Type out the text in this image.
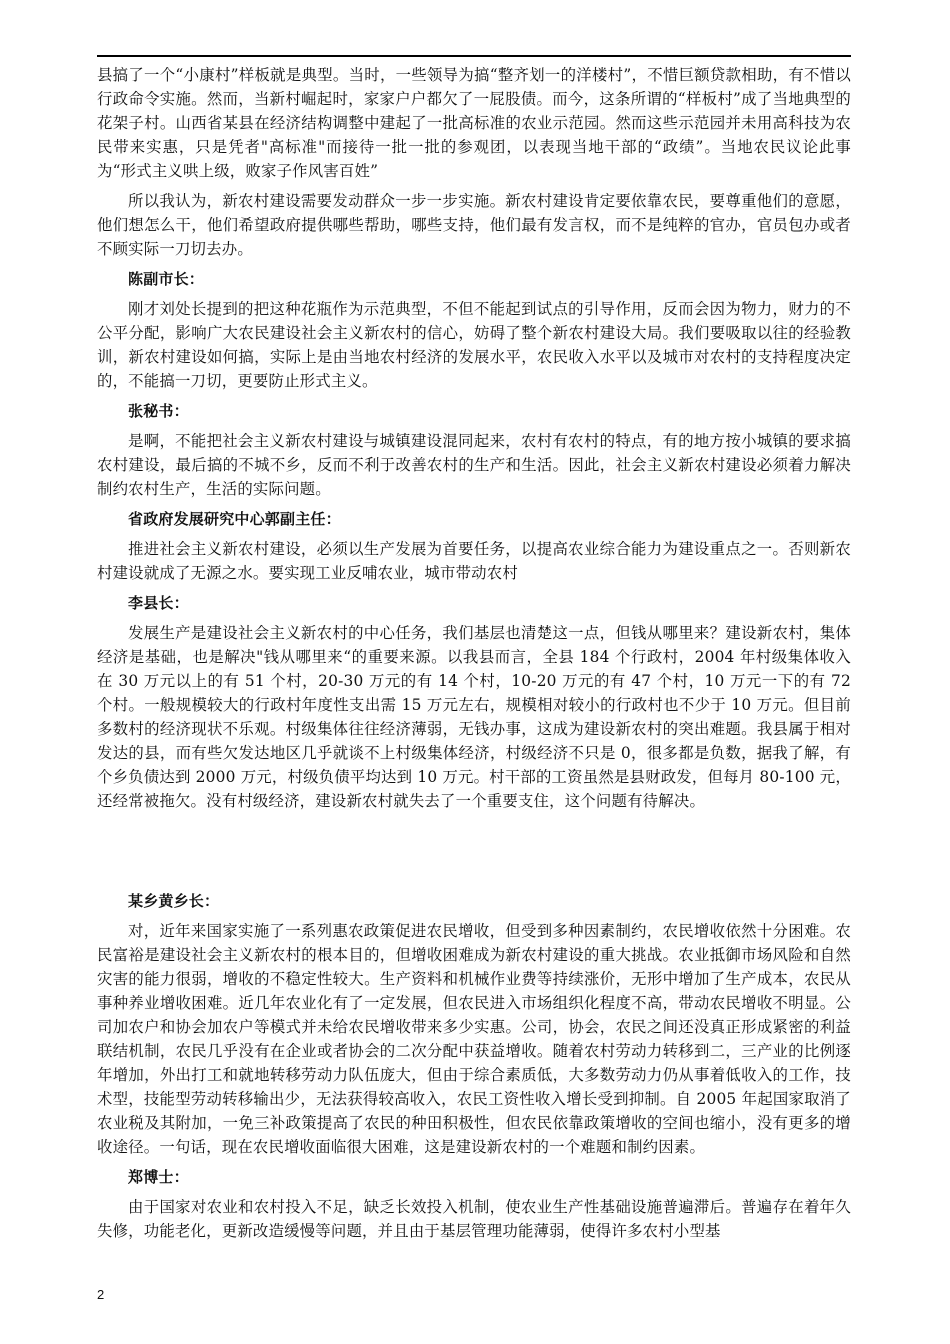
县搞了一个“小康村”样板就是典型。当时，一些领导为搞“整齐划一的洋楼村”，不惜巨额贷款相助，有不惜以行政命令实施。然而，当新村崛起时，家家户户都欠了一屁股债。而今，这条所谓的“样板村”成了当地典型的花架子村。山西省某县在经济结构调整中建起了一批高标准的农业示范园。然而这些示范园并未用高科技为农民带来实惠，只是凭者"高标准"而接待一批一批的参观团，以表现当地干部的“政绩”。当地农民议论此事为“形式主义哄上级，败家子作风害百姓”

所以我认为，新农村建设需要发动群众一步一步实施。新农村建设肯定要依靠农民，要尊重他们的意愿，他们想怎么干，他们希望政府提供哪些帮助，哪些支持，他们最有发言权，而不是纯粹的官办，官员包办或者不顾实际一刀切去办。

陈副市长：

刚才刘处长提到的把这种花瓶作为示范典型，不但不能起到试点的引导作用，反而会因为物力，财力的不公平分配，影响广大农民建设社会主义新农村的信心，妨碍了整个新农村建设大局。我们要吸取以往的经验教训，新农村建设如何搞，实际上是由当地农村经济的发展水平，农民收入水平以及城市对农村的支持程度决定的，不能搞一刀切，更要防止形式主义。

张秘书：

是啊，不能把社会主义新农村建设与城镇建设混同起来，农村有农村的特点，有的地方按小城镇的要求搞农村建设，最后搞的不城不乡，反而不利于改善农村的生产和生活。因此，社会主义新农村建设必须着力解决制约农村生产，生活的实际问题。

省政府发展研究中心郭副主任：

推进社会主义新农村建设，必须以生产发展为首要任务，以提高农业综合能力为建设重点之一。否则新农村建设就成了无源之水。要实现工业反哺农业，城市带动农村

李县长：

发展生产是建设社会主义新农村的中心任务，我们基层也清楚这一点，但钱从哪里来？建设新农村，集体经济是基础，也是解决"钱从哪里来“的重要来源。以我县而言，全县 184 个行政村，2004 年村级集体收入在 30 万元以上的有 51 个村，20-30 万元的有 14 个村，10-20 万元的有 47 个村，10 万元一下的有 72 个村。一般规模较大的行政村年度性支出需 15 万元左右，规模相对较小的行政村也不少于 10 万元。但目前多数村的经济现状不乐观。村级集体往往经济薄弱，无钱办事，这成为建设新农村的突出难题。我县属于相对发达的县，而有些欠发达地区几乎就谈不上村级集体经济，村级经济不只是 0，很多都是负数，据我了解，有个乡负债达到 2000 万元，村级负债平均达到 10 万元。村干部的工资虽然是县财政发，但每月 80-100 元，还经常被拖欠。没有村级经济，建设新农村就失去了一个重要支住，这个问题有待解决。

某乡黄乡长：

对，近年来国家实施了一系列惠农政策促进农民增收，但受到多种因素制约，农民增收依然十分困难。农民富裕是建设社会主义新农村的根本目的，但增收困难成为新农村建设的重大挑战。农业抵御市场风险和自然灾害的能力很弱，增收的不稳定性较大。生产资料和机械作业费等持续涨价，无形中增加了生产成本，农民从事种养业增收困难。近几年农业化有了一定发展，但农民进入市场组织化程度不高，带动农民增收不明显。公司加农户和协会加农户等模式并未给农民增收带来多少实惠。公司，协会，农民之间还没真正形成紧密的利益联结机制，农民几乎没有在企业或者协会的二次分配中获益增收。随着农村劳动力转移到二，三产业的比例逐年增加，外出打工和就地转移劳动力队伍庞大，但由于综合素质低，大多数劳动力仍从事着低收入的工作，技术型，技能型劳动转移输出少，无法获得较高收入，农民工资性收入增长受到抑制。自 2005 年起国家取消了农业税及其附加，一免三补政策提高了农民的种田积极性，但农民依靠政策增收的空间也缩小，没有更多的增收途径。一句话，现在农民增收面临很大困难，这是建设新农村的一个难题和制约因素。

郑博士：

由于国家对农业和农村投入不足，缺乏长效投入机制，使农业生产性基础设施普遍滞后。普遍存在着年久失修，功能老化，更新改造缓慢等问题，并且由于基层管理功能薄弱，使得许多农村小型基

2
